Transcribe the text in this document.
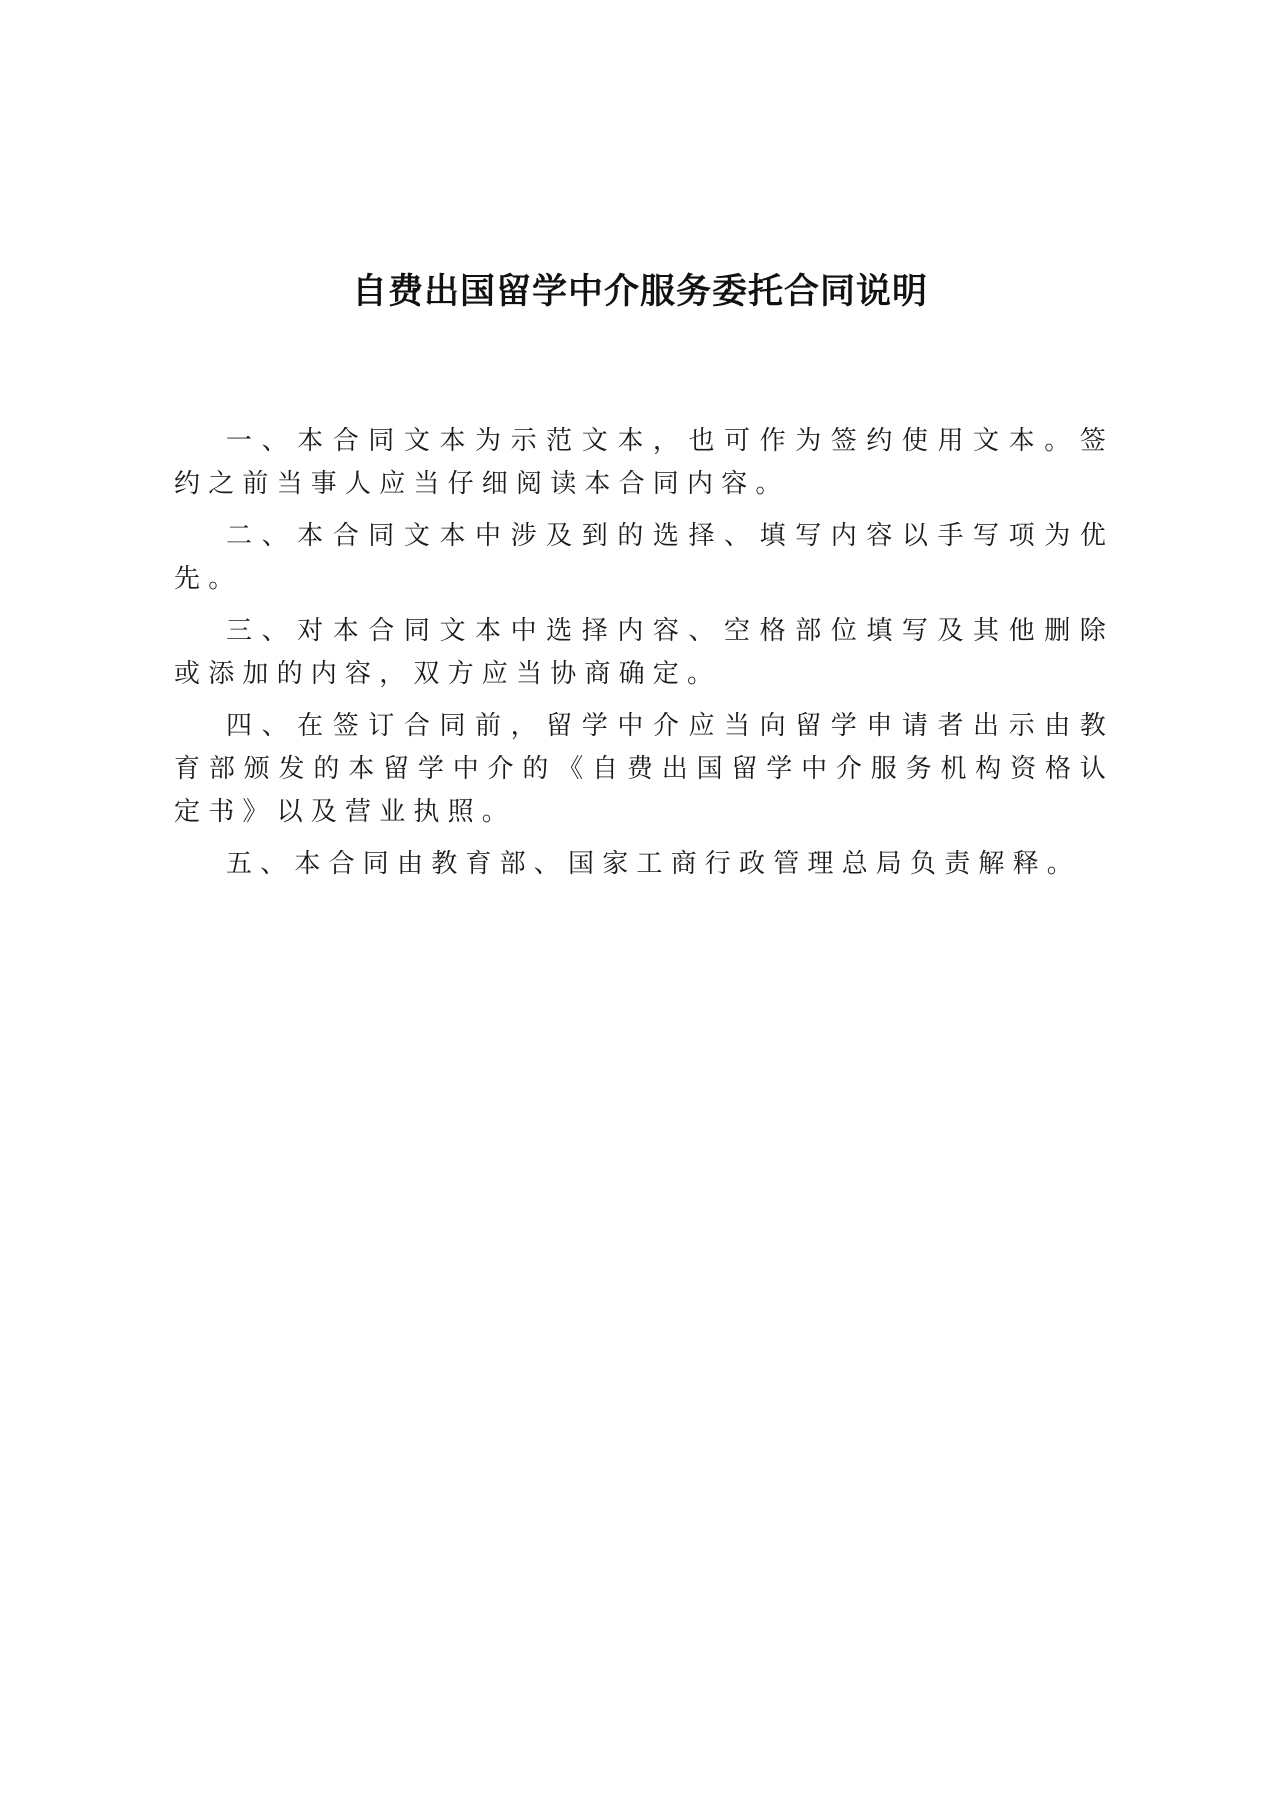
自费出国留学中介服务委托合同说明

一、本合同文本为示范文本，也可作为签约使用文本。签约之前当事人应当仔细阅读本合同内容。

二、本合同文本中涉及到的选择、填写内容以手写项为优先。

三、对本合同文本中选择内容、空格部位填写及其他删除或添加的内容，双方应当协商确定。

四、在签订合同前，留学中介应当向留学申请者出示由教育部颁发的本留学中介的《自费出国留学中介服务机构资格认定书》以及营业执照。

五、本合同由教育部、国家工商行政管理总局负责解释。
